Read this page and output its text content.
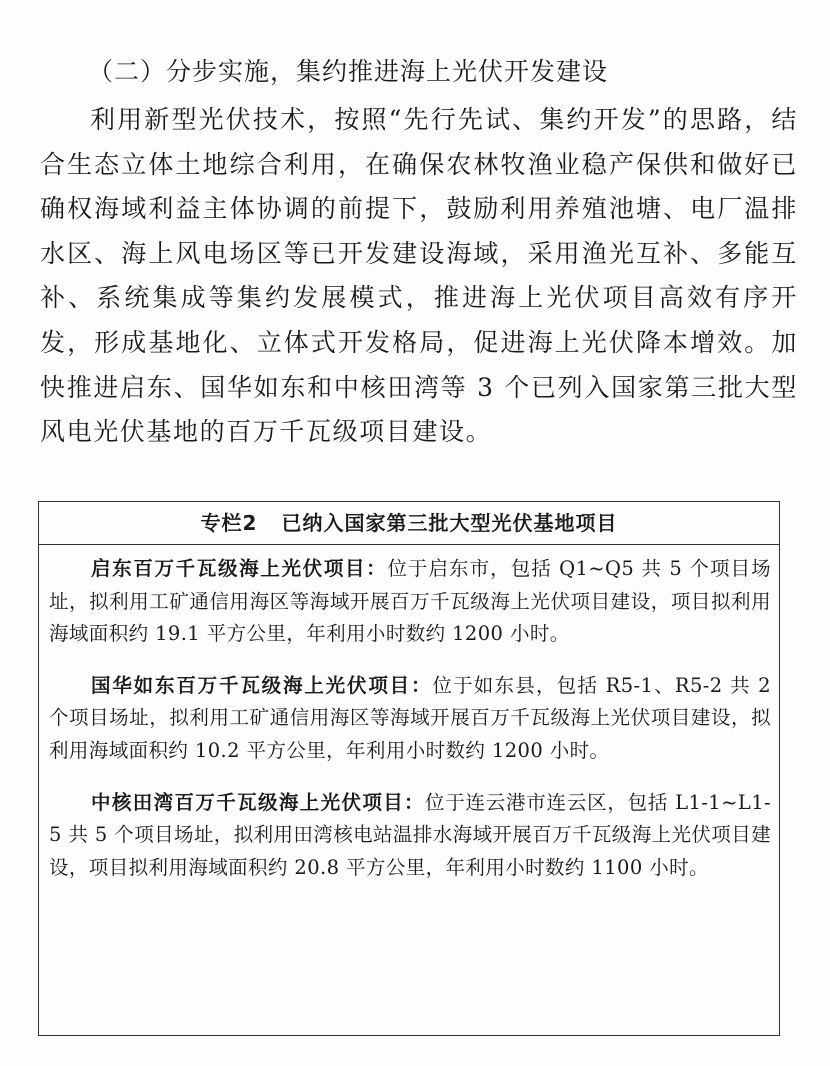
（二）分步实施，集约推进海上光伏开发建设

利用新型光伏技术，按照“先行先试、集约开发”的思路，结合生态立体土地综合利用，在确保农林牧渔业稳产保供和做好已确权海域利益主体协调的前提下，鼓励利用养殖池塘、电厂温排水区、海上风电场区等已开发建设海域，采用渔光互补、多能互补、系统集成等集约发展模式，推进海上光伏项目高效有序开发，形成基地化、立体式开发格局，促进海上光伏降本增效。加快推进启东、国华如东和中核田湾等 3 个已列入国家第三批大型风电光伏基地的百万千瓦级项目建设。

专栏2 已纳入国家第三批大型光伏基地项目

启东百万千瓦级海上光伏项目：位于启东市，包括 Q1~Q5 共 5 个项目场址，拟利用工矿通信用海区等海域开展百万千瓦级海上光伏项目建设，项目拟利用海域面积约 19.1 平方公里，年利用小时数约 1200 小时。

国华如东百万千瓦级海上光伏项目：位于如东县，包括 R5-1、R5-2 共 2 个项目场址，拟利用工矿通信用海区等海域开展百万千瓦级海上光伏项目建设，拟利用海域面积约 10.2 平方公里，年利用小时数约 1200 小时。

中核田湾百万千瓦级海上光伏项目：位于连云港市连云区，包括 L1-1~L1-5 共 5 个项目场址，拟利用田湾核电站温排水海域开展百万千瓦级海上光伏项目建设，项目拟利用海域面积约 20.8 平方公里，年利用小时数约 1100 小时。
